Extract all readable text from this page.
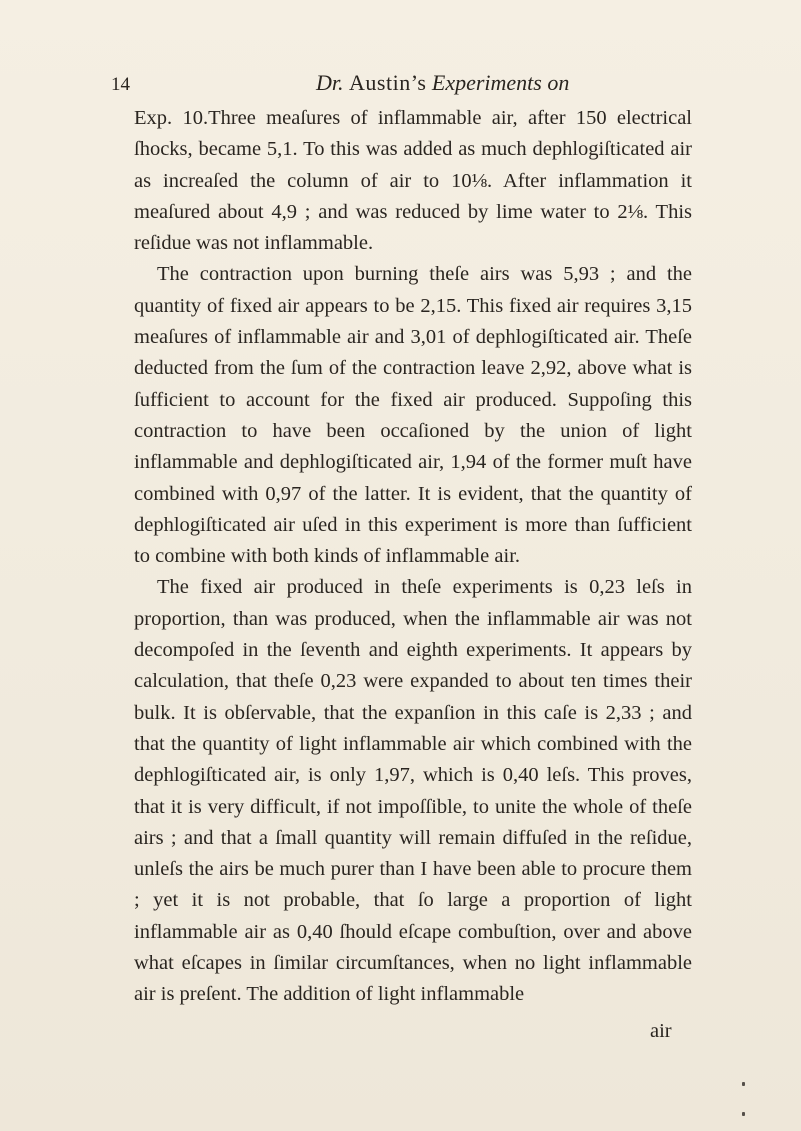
14	Dr. Austin’s Experiments on

Exp. 10.Three meaſures of inflammable air, after 150 electrical ſhocks, became 5,1. To this was added as much dephlogiſticated air as increaſed the column of air to 10⅛. After inflammation it meaſured about 4,9 ; and was reduced by lime water to 2⅛. This reſidue was not inflammable.

The contraction upon burning theſe airs was 5,93 ; and the quantity of fixed air appears to be 2,15. This fixed air requires 3,15 meaſures of inflammable air and 3,01 of dephlogiſticated air. Theſe deducted from the ſum of the contraction leave 2,92, above what is ſufficient to account for the fixed air produced. Suppoſing this contraction to have been occaſioned by the union of light inflammable and dephlogiſticated air, 1,94 of the former muſt have combined with 0,97 of the latter. It is evident, that the quantity of dephlogiſticated air uſed in this experiment is more than ſufficient to combine with both kinds of inflammable air.

The fixed air produced in theſe experiments is 0,23 leſs in proportion, than was produced, when the inflammable air was not decompoſed in the ſeventh and eighth experiments. It appears by calculation, that theſe 0,23 were expanded to about ten times their bulk. It is obſervable, that the expanſion in this caſe is 2,33 ; and that the quantity of light inflammable air which combined with the dephlogiſticated air, is only 1,97, which is 0,40 leſs. This proves, that it is very difficult, if not impoſſible, to unite the whole of theſe airs ; and that a ſmall quantity will remain diffuſed in the reſidue, unleſs the airs be much purer than I have been able to procure them ; yet it is not probable, that ſo large a proportion of light inflammable air as 0,40 ſhould eſcape combuſtion, over and above what eſcapes in ſimilar circumſtances, when no light inflammable air is preſent. The addition of light inflammable

air
